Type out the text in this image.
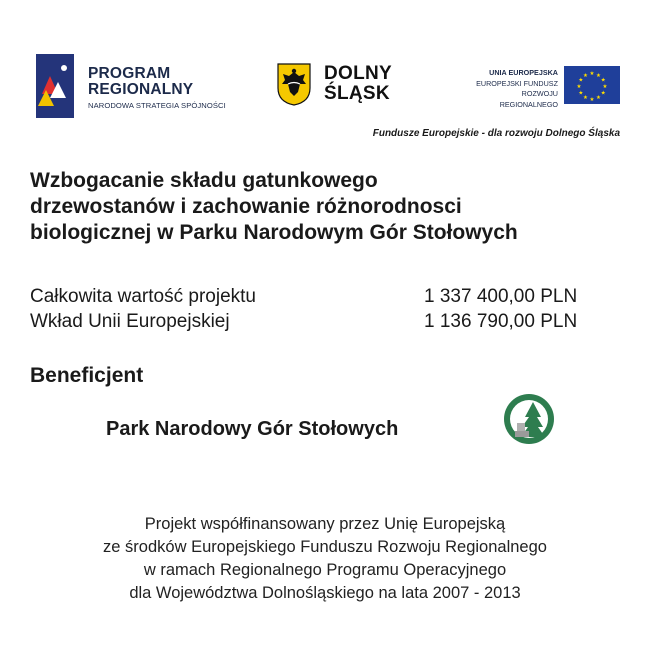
PROGRAM
REGIONALNY
NARODOWA STRATEGIA SPÓJNOŚCI
DOLNY
ŚLĄSK
UNIA EUROPEJSKA
EUROPEJSKI FUNDUSZ
ROZWOJU REGIONALNEGO
★ ★
★
★
★
★
★
★
★
★
★
★
Fundusze Europejskie - dla rozwoju Dolnego Śląska
Wzbogacanie składu gatunkowego
drzewostanów i zachowanie różnorodnosci
biologicznej w Parku Narodowym Gór Stołowych
Całkowita wartość projektu	1 337 400,00 PLN
Wkład Unii Europejskiej	1 136 790,00 PLN
Beneficjent
Park Narodowy Gór Stołowych
Projekt współfinansowany przez Unię Europejską
ze środków Europejskiego Funduszu Rozwoju Regionalnego
w ramach Regionalnego Programu Operacyjnego
dla Województwa Dolnośląskiego na lata 2007 - 2013
